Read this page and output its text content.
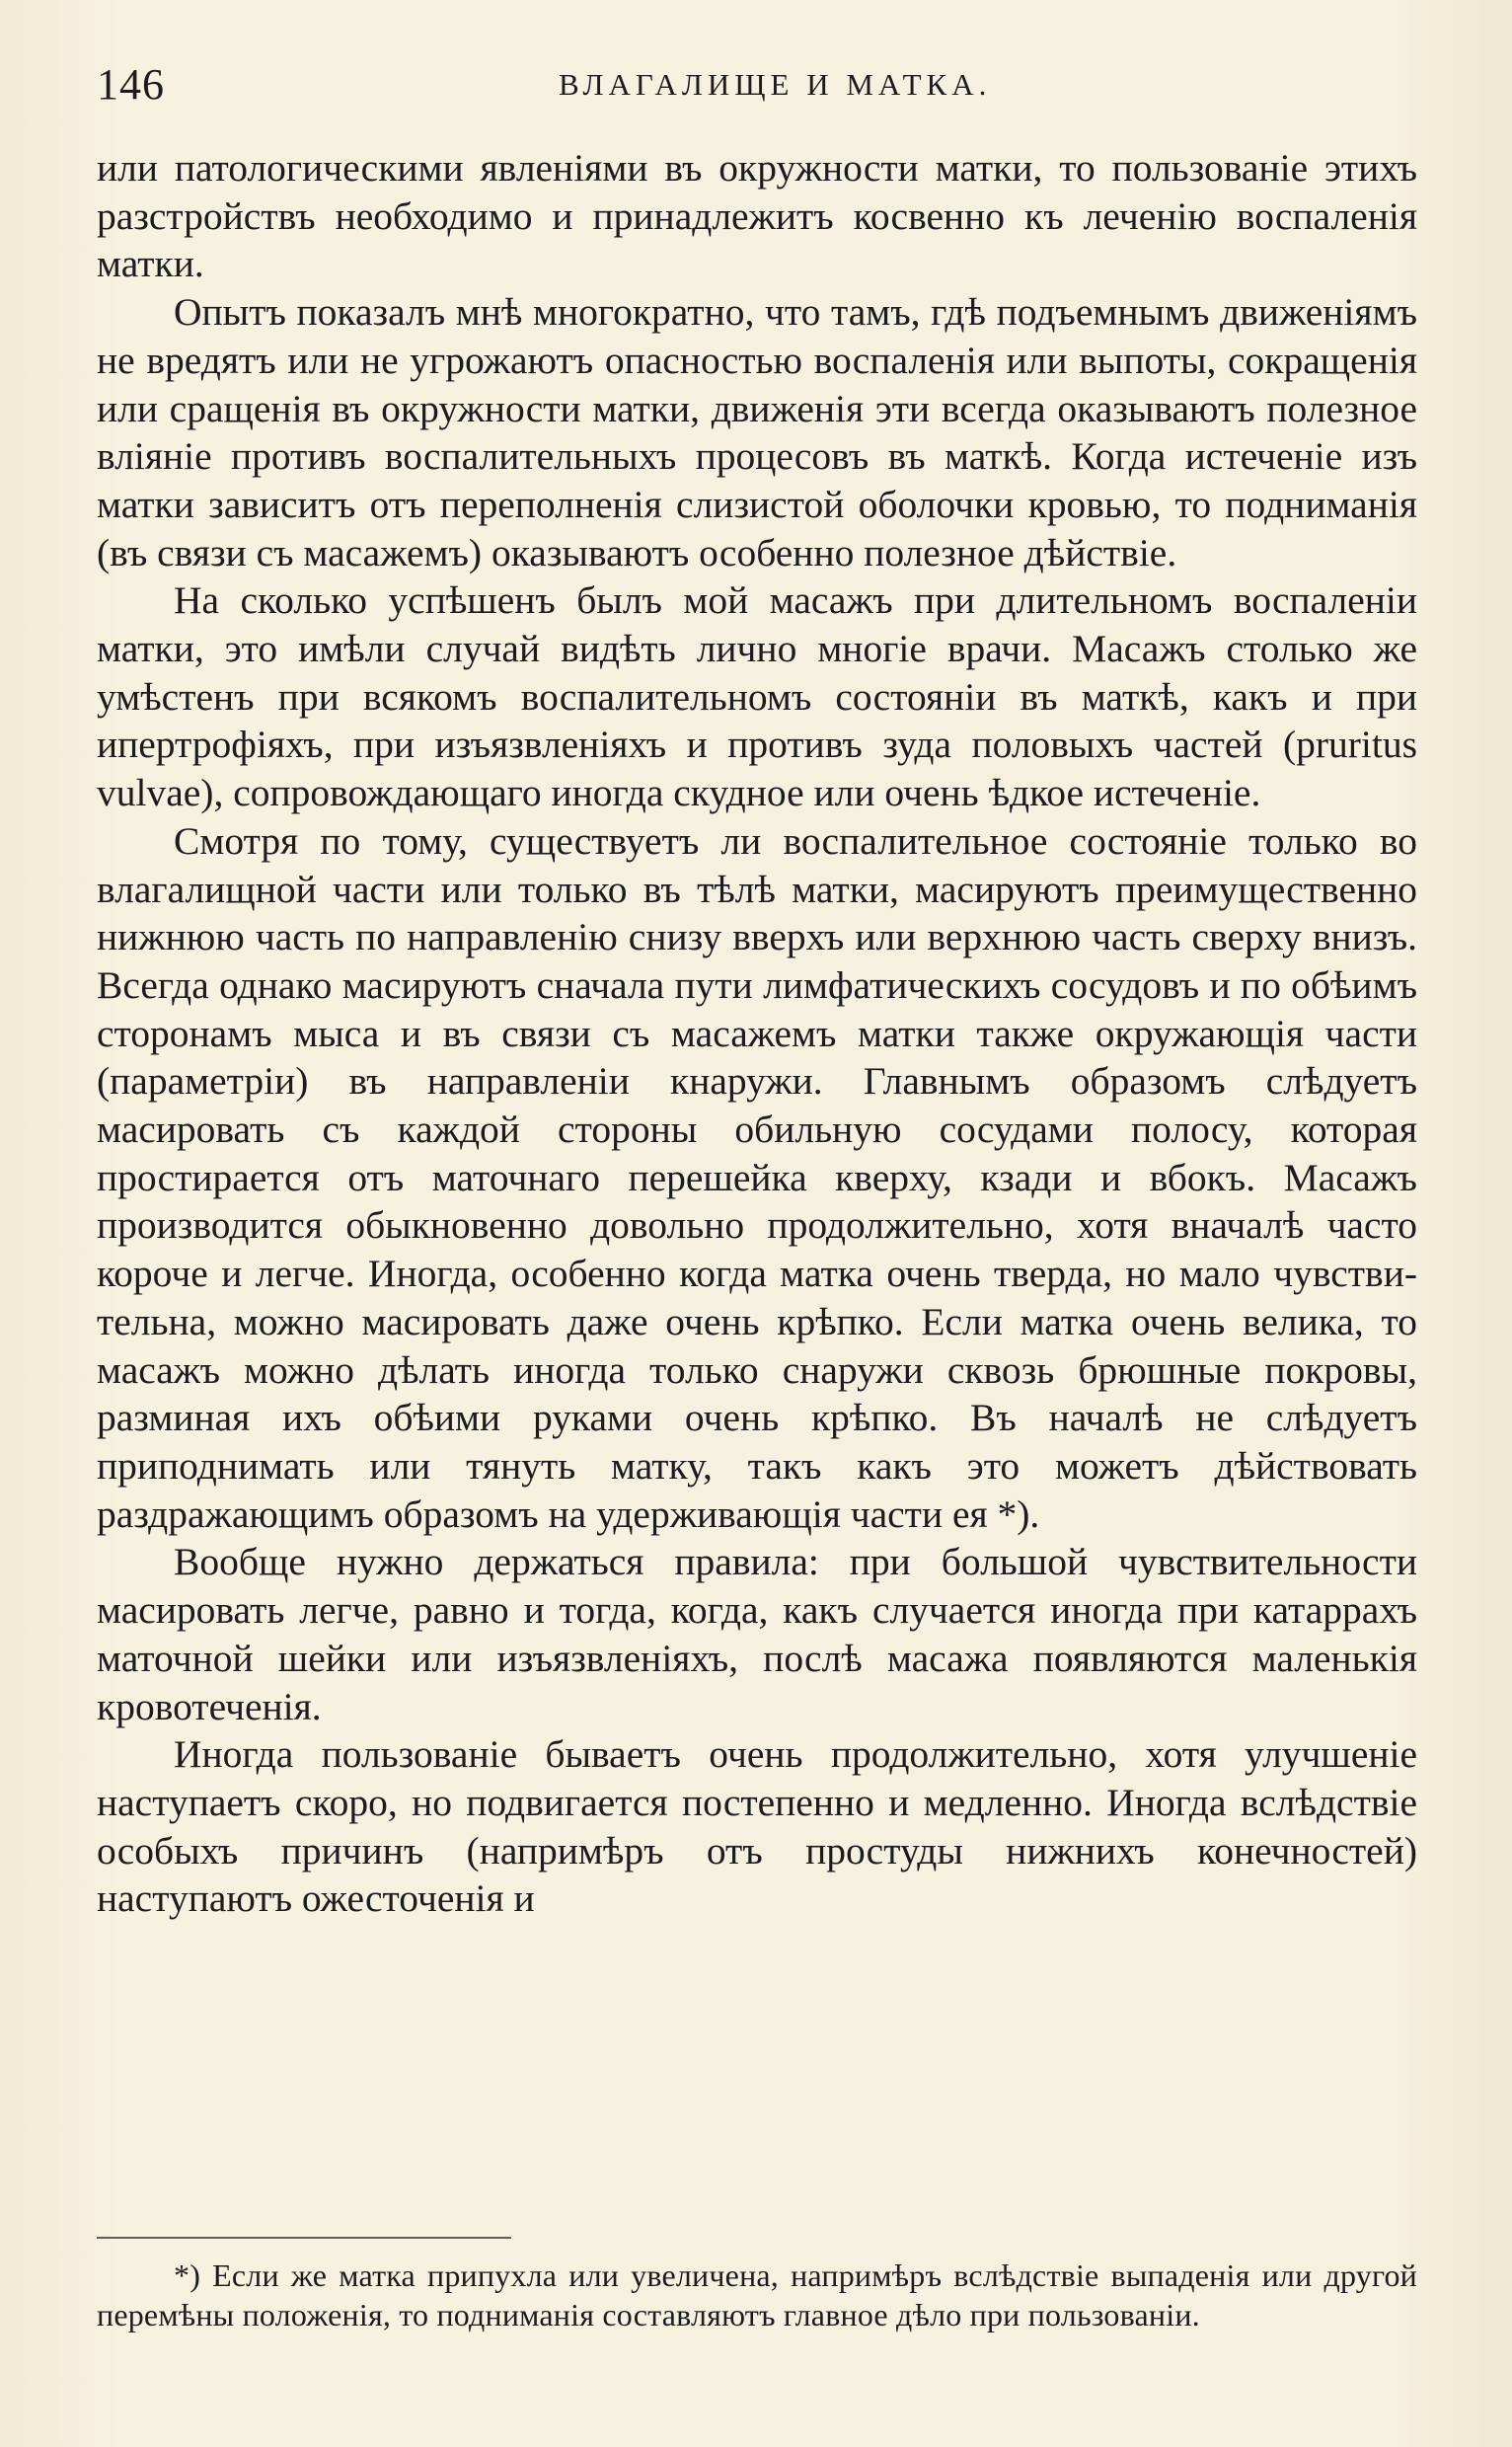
146	ВЛАГАЛИЩЕ И МАТКА.

или патологическими явленіями въ окружности матки, то пользованіе этихъ разстройствъ необходимо и принадлежитъ косвенно къ леченію воспаленія матки.

Опытъ показалъ мнѣ многократно, что тамъ, гдѣ подъемнымъ движеніямъ не вредятъ или не угрожаютъ опасностью воспаленія или выпоты, сокращенія или сращенія въ окружности матки, движенія эти всегда оказываютъ полезное вліяніе противъ воспалительныхъ процесовъ въ маткѣ. Когда истеченіе изъ матки зависитъ отъ переполненія слизистой оболочки кровью, то подниманія (въ связи съ масажемъ) оказываютъ особенно полезное дѣйствіе.

На сколько успѣшенъ былъ мой масажъ при длительномъ воспаленіи матки, это имѣли случай видѣть лично многіе врачи. Масажъ столько же умѣстенъ при всякомъ воспалительномъ состояніи въ маткѣ, какъ и при ипертрофіяхъ, при изъязвленіяхъ и противъ зуда половыхъ частей (pruritus vulvae), сопровождающаго иногда скудное или очень ѣдкое истеченіе.

Смотря по тому, существуетъ ли воспалительное состояніе только во влагалищной части или только въ тѣлѣ матки, масируютъ преимущественно нижнюю часть по направленію снизу вверхъ или верхнюю часть сверху внизъ. Всегда однако масируютъ сначала пути лимфатическихъ сосудовъ и по обѣимъ сторонамъ мыса и въ связи съ масажемъ матки также окружающія части (параметріи) въ направленіи кнаружи. Главнымъ образомъ слѣдуетъ масировать съ каждой стороны обильную сосудами полосу, которая простирается отъ маточнаго перешейка кверху, кзади и вбокъ. Масажъ производится обыкновенно довольно продолжительно, хотя вначалѣ часто короче и легче. Иногда, особенно когда матка очень тверда, но мало чувствительна, можно масировать даже очень крѣпко. Если матка очень велика, то масажъ можно дѣлать иногда только снаружи сквозь брюшные покровы, разминая ихъ обѣими руками очень крѣпко. Въ началѣ не слѣдуетъ приподнимать или тянуть матку, такъ какъ это можетъ дѣйствовать раздражающимъ образомъ на удерживающія части ея *).

Вообще нужно держаться правила: при большой чувствительности масировать легче, равно и тогда, когда, какъ случается иногда при катаррахъ маточной шейки или изъязвленіяхъ, послѣ масажа появляются маленькія кровотеченія.

Иногда пользованіе бываетъ очень продолжительно, хотя улучшеніе наступаетъ скоро, но подвигается постепенно и медленно. Иногда вслѣдствіе особыхъ причинъ (напримѣръ отъ простуды нижнихъ конечностей) наступаютъ ожесточенія и

*) Если же матка припухла или увеличена, напримѣръ вслѣдствіе выпаденія или другой перемѣны положенія, то подниманія составляютъ главное дѣло при пользованіи.
